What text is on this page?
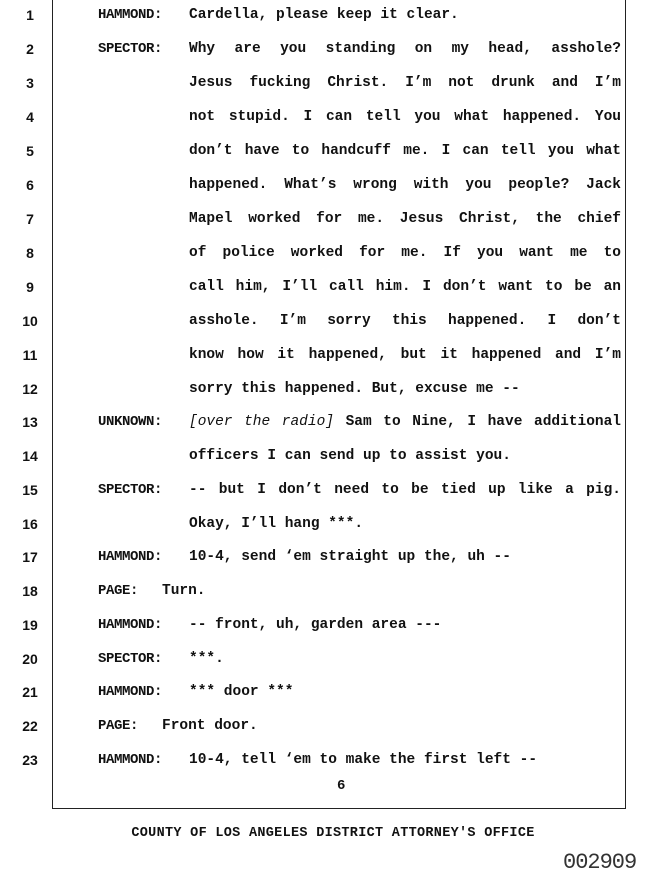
1	HAMMOND: Cardella, please keep it clear.
2	SPECTOR: Why are you standing on my head, asshole?
3	Jesus fucking Christ. I’m not drunk and I’m
4	not stupid. I can tell you what happened. You
5	don’t have to handcuff me. I can tell you what
6	happened. What’s wrong with you people? Jack
7	Mapel worked for me. Jesus Christ, the chief
8	of police worked for me. If you want me to
9	call him, I’ll call him. I don’t want to be an
10	asshole. I’m sorry this happened. I don’t
11	know how it happened, but it happened and I’m
12	sorry this happened. But, excuse me --
13	UNKNOWN: [over the radio] Sam to Nine, I have additional
14	officers I can send up to assist you.
15	SPECTOR: -- but I don’t need to be tied up like a pig.
16	Okay, I’ll hang ***.
17	HAMMOND: 10-4, send ‘em straight up the, uh --
18	PAGE: Turn.
19	HAMMOND: -- front, uh, garden area ---
20	SPECTOR: ***.
21	HAMMOND: *** door ***
22	PAGE: Front door.
23	HAMMOND: 10-4, tell ‘em to make the first left --
6
COUNTY OF LOS ANGELES DISTRICT ATTORNEY'S OFFICE
002909
